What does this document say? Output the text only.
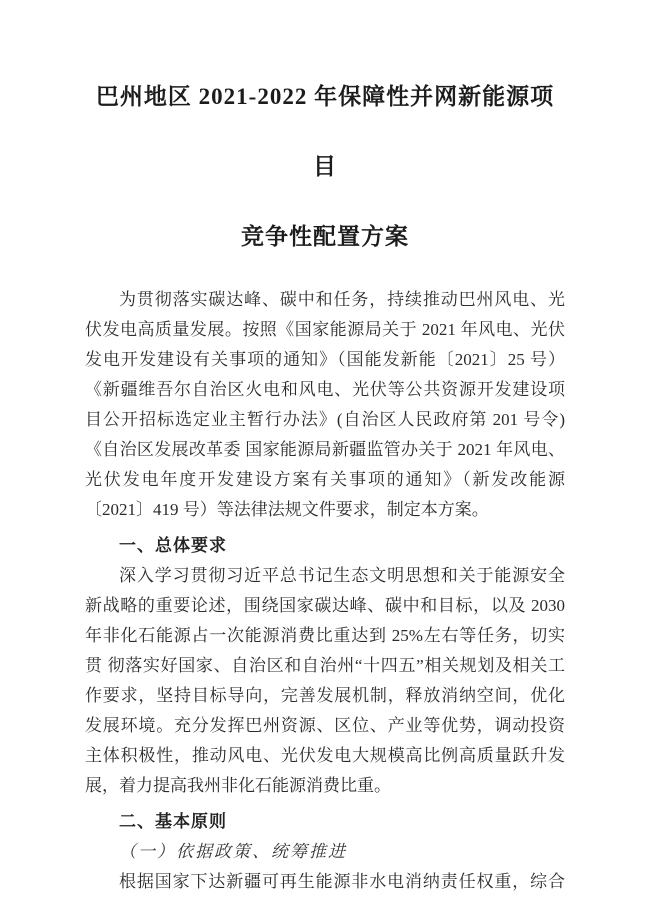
巴州地区 2021-2022 年保障性并网新能源项目
竞争性配置方案
为贯彻落实碳达峰、碳中和任务，持续推动巴州风电、光
伏发电高质量发展。按照《国家能源局关于 2021 年风电、光伏
发电开发建设有关事项的通知》（国能发新能〔2021〕25 号）
《新疆维吾尔自治区火电和风电、光伏等公共资源开发建设项
目公开招标选定业主暂行办法》(自治区人民政府第 201 号令)
《自治区发展改革委 国家能源局新疆监管办关于 2021 年风电、
光伏发电年度开发建设方案有关事项的通知》（新发改能源
〔2021〕419 号）等法律法规文件要求，制定本方案。
一、总体要求
深入学习贯彻习近平总书记生态文明思想和关于能源安全
新战略的重要论述，围绕国家碳达峰、碳中和目标，以及 2030
年非化石能源占一次能源消费比重达到 25%左右等任务，切实
贯 彻落实好国家、自治区和自治州“十四五”相关规划及相关工
作要求，坚持目标导向，完善发展机制，释放消纳空间，优化
发展环境。充分发挥巴州资源、区位、产业等优势，调动投资
主体积极性，推动风电、光伏发电大规模高比例高质量跃升发
展，着力提高我州非化石能源消费比重。
二、基本原则
（一）依据政策、统筹推进
根据国家下达新疆可再生能源非水电消纳责任权重，综合
